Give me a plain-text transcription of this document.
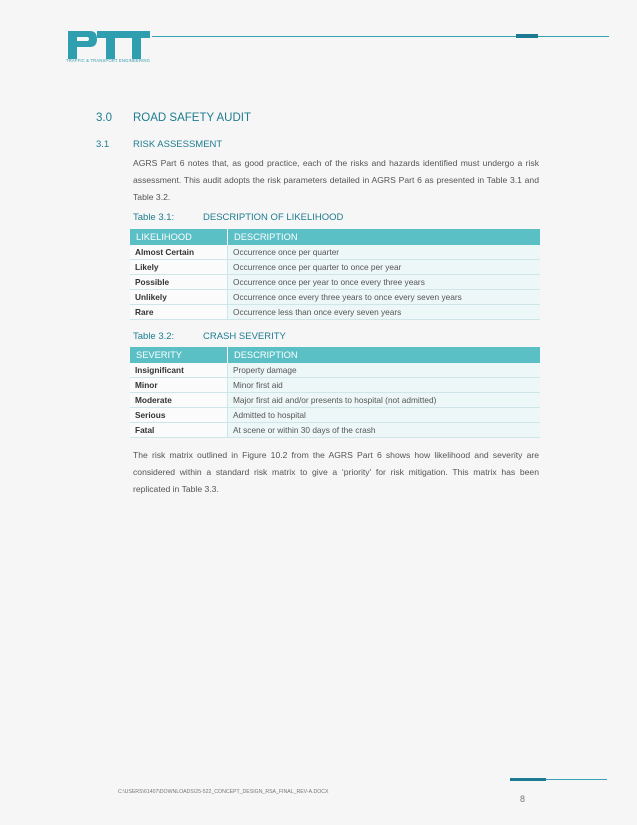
TRAFFIC & TRANSPORT ENGINEERING
3.0 ROAD SAFETY AUDIT
3.1	RISK ASSESSMENT
AGRS Part 6 notes that, as good practice, each of the risks and hazards identified must undergo a risk assessment. This audit adopts the risk parameters detailed in AGRS Part 6 as presented in Table 3.1 and Table 3.2.
Table 3.1:	DESCRIPTION OF LIKELIHOOD
LIKELIHOOD	DESCRIPTION
Almost Certain	Occurrence once per quarter
Likely	Occurrence once per quarter to once per year
Possible	Occurrence once per year to once every three years
Unlikely	Occurrence once every three years to once every seven years
Rare	Occurrence less than once every seven years
Table 3.2:	CRASH SEVERITY
SEVERITY	DESCRIPTION
Insignificant	Property damage
Minor	Minor first aid
Moderate	Major first aid and/or presents to hospital (not admitted)
Serious	Admitted to hospital
Fatal	At scene or within 30 days of the crash
The risk matrix outlined in Figure 10.2 from the AGRS Part 6 shows how likelihood and severity are considered within a standard risk matrix to give a ‘priority’ for risk mitigation. This matrix has been replicated in Table 3.3.
C:\USERS\61407\DOWNLOADS\25-522_CONCEPT_DESIGN_RSA_FINAL_REV-A.DOCX
8
